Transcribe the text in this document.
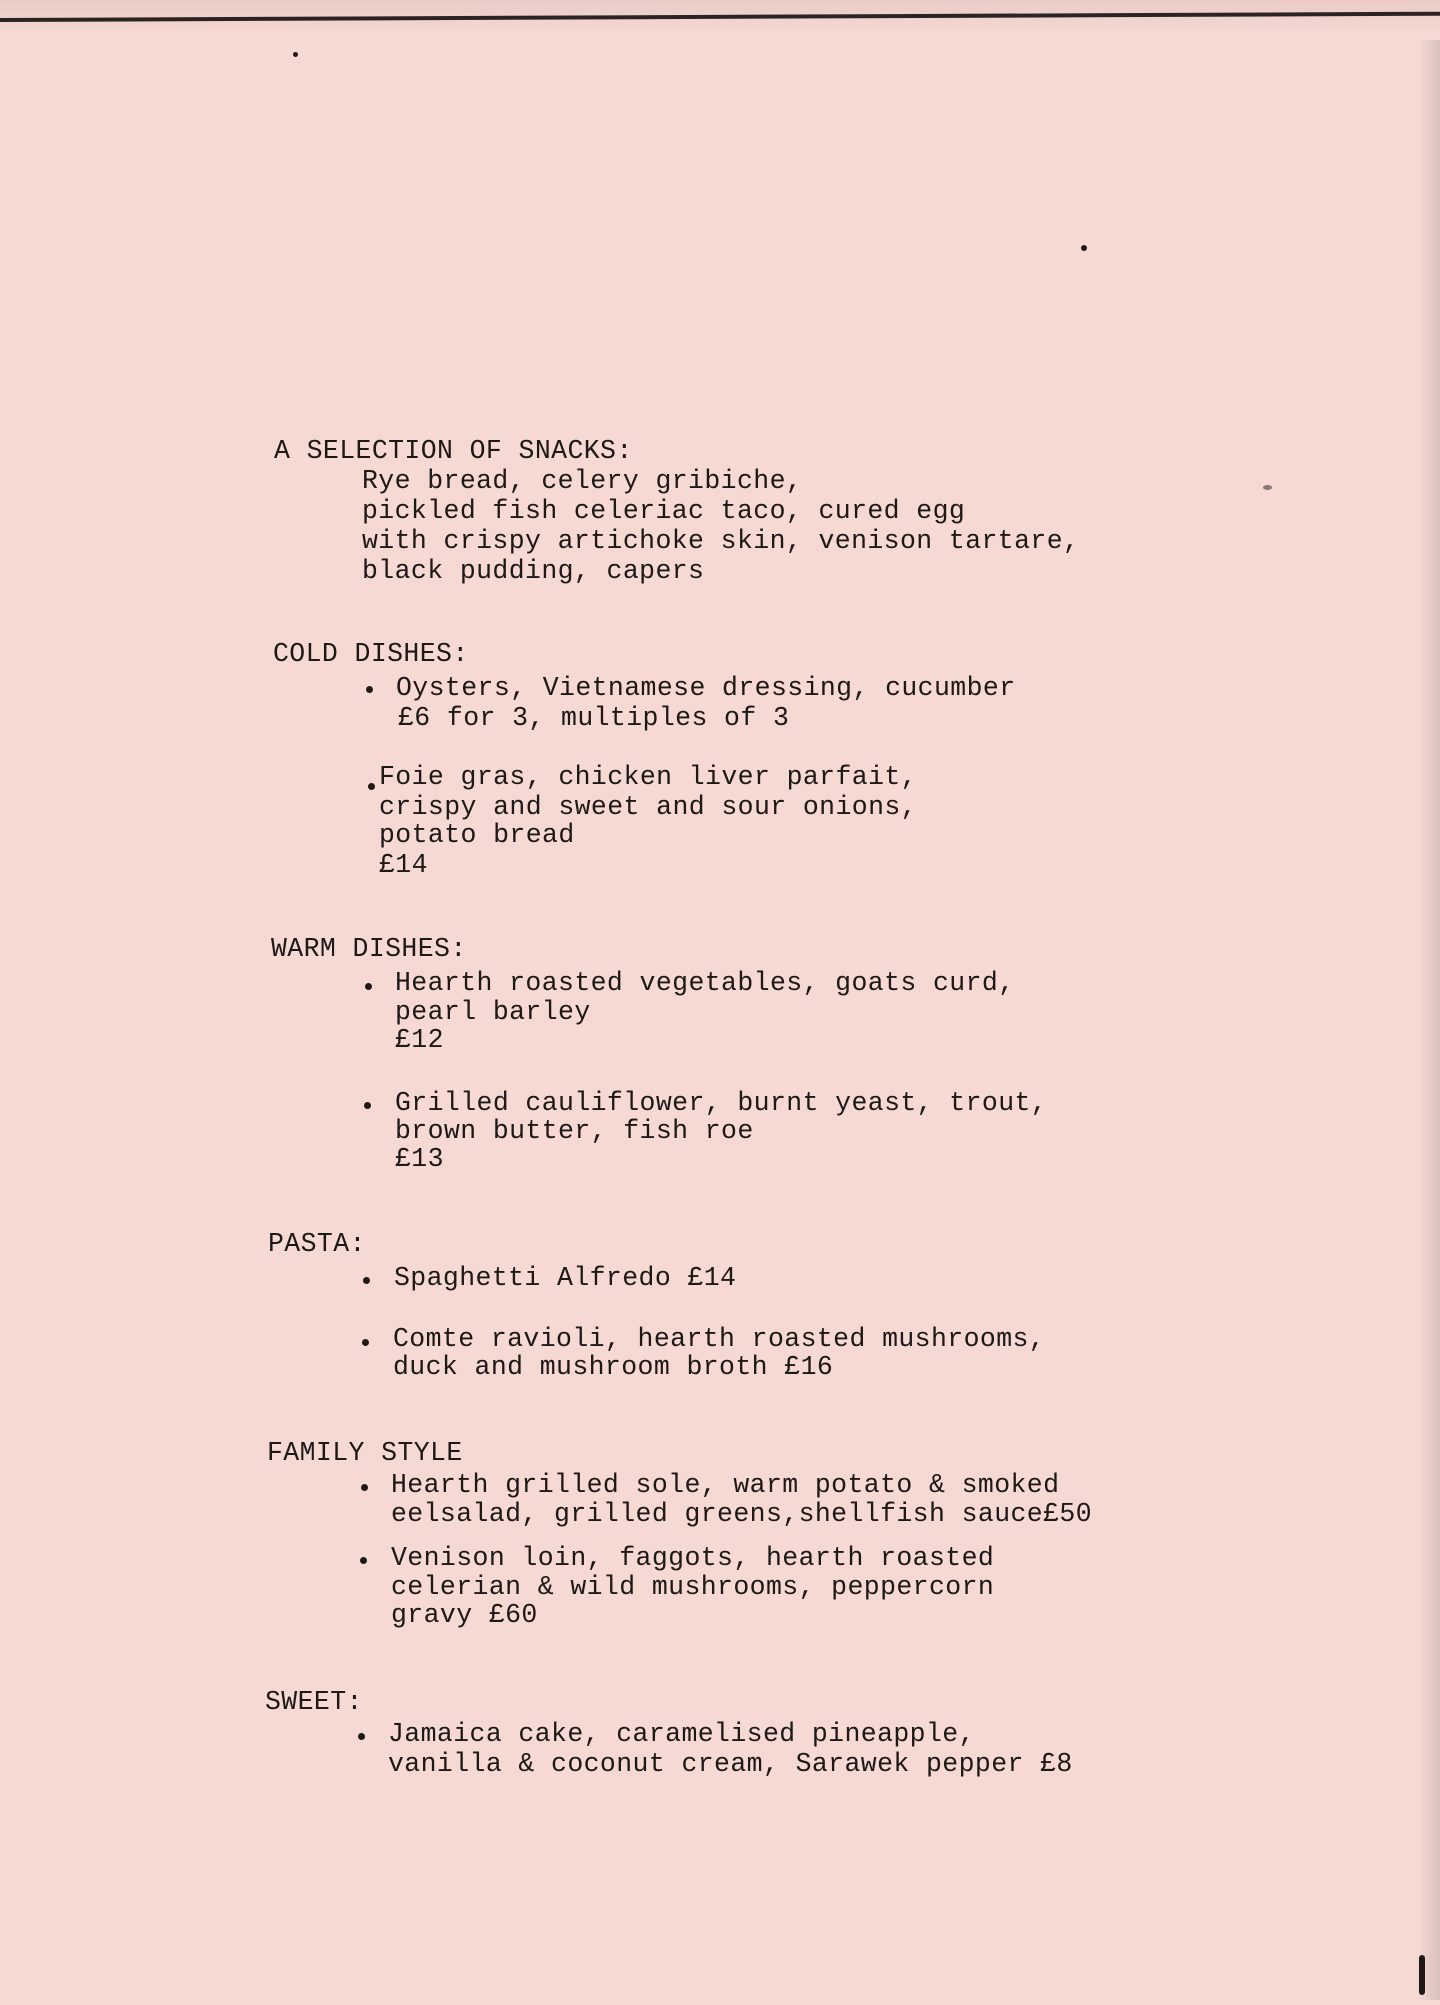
A SELECTION OF SNACKS:
Rye bread, celery gribiche,
pickled fish celeriac taco, cured egg
with crispy artichoke skin, venison tartare,
black pudding, capers
COLD DISHES:
Oysters, Vietnamese dressing, cucumber
£6 for 3, multiples of 3
Foie gras, chicken liver parfait,
crispy and sweet and sour onions,
potato bread
£14
WARM DISHES:
Hearth roasted vegetables, goats curd,
pearl barley
£12
Grilled cauliflower, burnt yeast, trout,
brown butter, fish roe
£13
PASTA:
Spaghetti Alfredo £14
Comte ravioli, hearth roasted mushrooms,
duck and mushroom broth £16
FAMILY STYLE
Hearth grilled sole, warm potato & smoked
eelsalad, grilled greens,shellfish sauce£50
Venison loin, faggots, hearth roasted
celerian & wild mushrooms, peppercorn
gravy £60
SWEET:
Jamaica cake, caramelised pineapple,
vanilla & coconut cream, Sarawek pepper £8
